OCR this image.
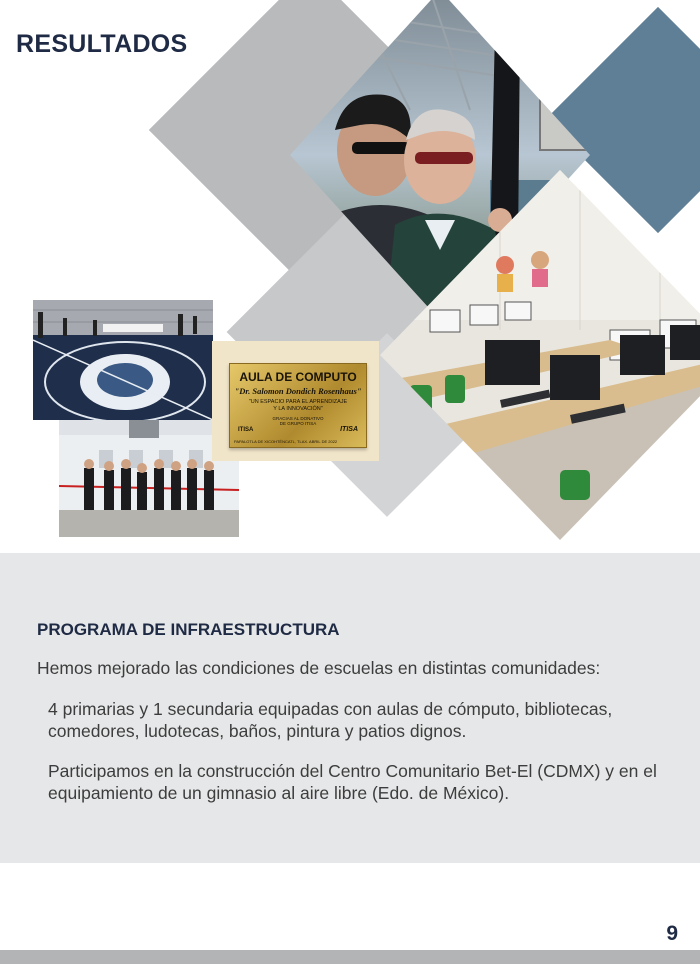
RESULTADOS
AULA DE COMPUTO
"Dr. Salomon Dondich Rosenhaus"
"UN ESPACIO PARA EL APRENDIZAJE
Y LA INNOVACIÓN"
GRACIAS AL DONATIVO
DE GRUPO ITISA
ITISA	ITISA
PAPALOTLA DE XICOHTÉNCATL, TLAX. ABRIL DE 2022
PROGRAMA DE INFRAESTRUCTURA
Hemos mejorado las condiciones de escuelas en distintas comunidades:
4 primarias y 1 secundaria equipadas con aulas de cómputo, bibliotecas, comedores, ludotecas, baños, pintura y patios dignos.
Participamos en la construcción del Centro Comunitario Bet-El (CDMX) y en el equipamiento de un gimnasio al aire libre (Edo. de México).
9
